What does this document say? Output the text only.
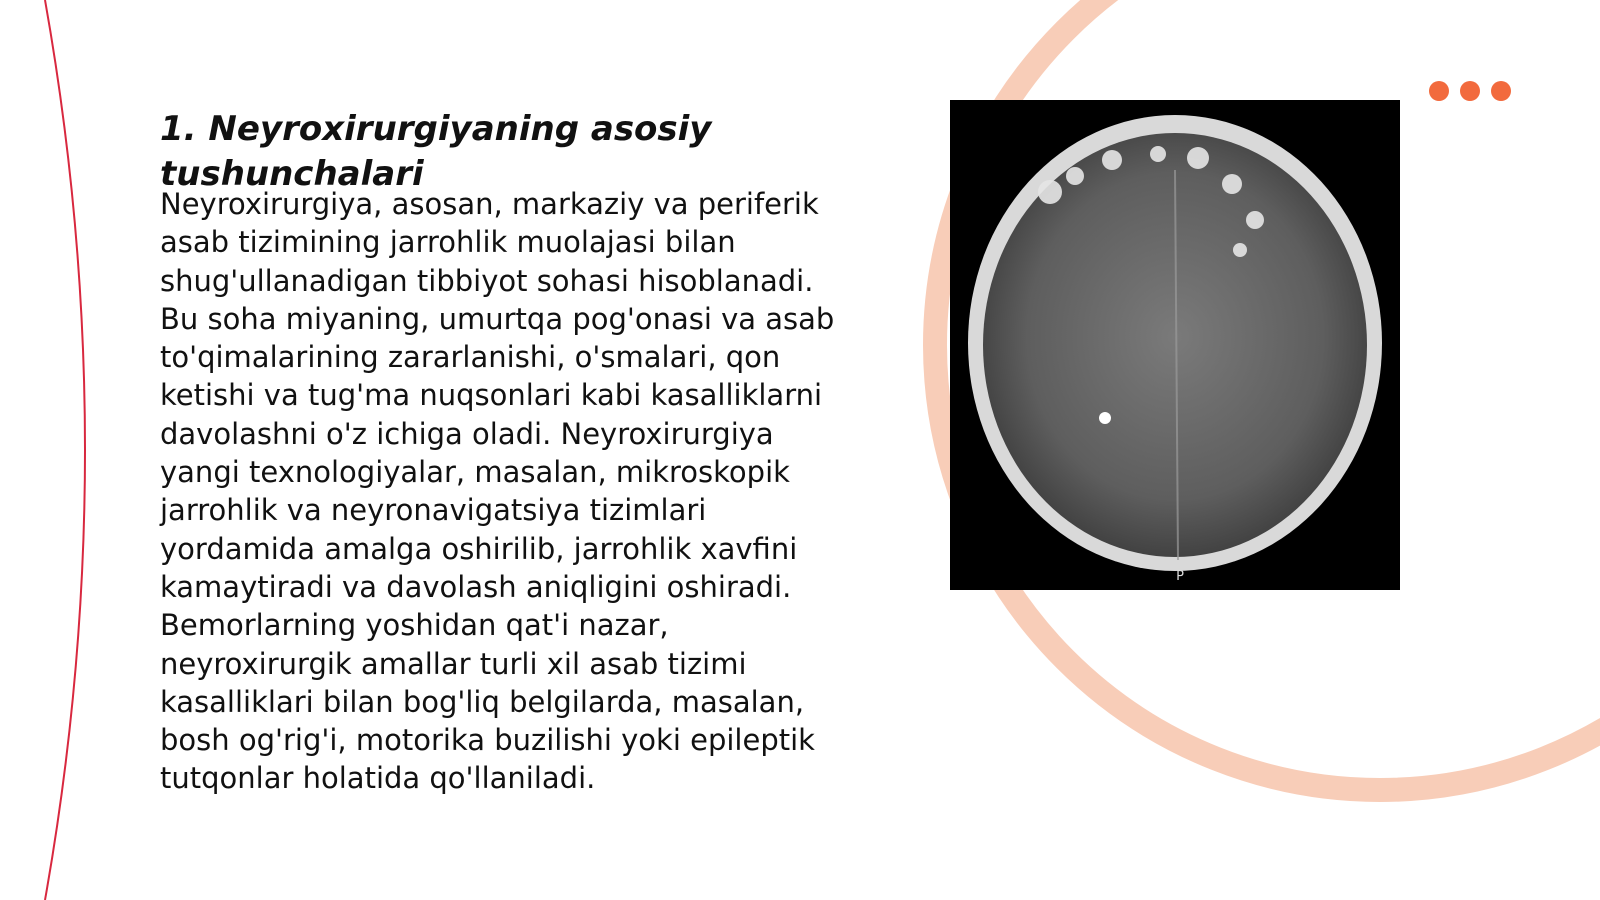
1. Neyroxirurgiyaning asosiy tushunchalari

Neyroxirurgiya, asosan, markaziy va periferik asab tizimining jarrohlik muolajasi bilan shug'ullanadigan tibbiyot sohasi hisoblanadi. Bu soha miyaning, umurtqa pog'onasi va asab to'qimalarining zararlanishi, o'smalari, qon ketishi va tug'ma nuqsonlari kabi kasalliklarni davolashni o'z ichiga oladi. Neyroxirurgiya yangi texnologiyalar, masalan, mikroskopik jarrohlik va neyronavigatsiya tizimlari yordamida amalga oshirilib, jarrohlik xavfini kamaytiradi va davolash aniqligini oshiradi. Bemorlarning yoshidan qat'i nazar, neyroxirurgik amallar turli xil asab tizimi kasalliklari bilan bog'liq belgilarda, masalan, bosh og'rig'i, motorika buzilishi yoki epileptik tutqonlar holatida qo'llaniladi.

P
